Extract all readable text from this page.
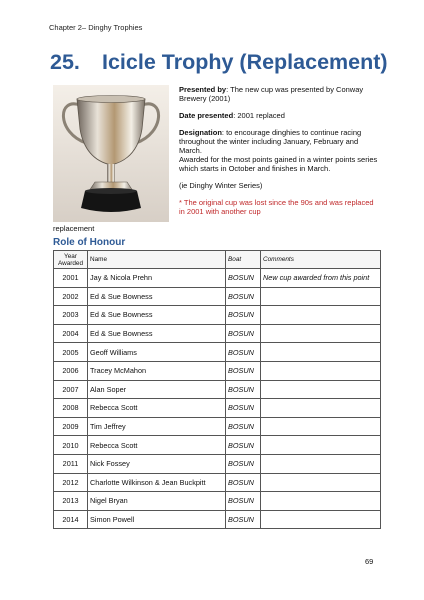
Chapter 2– Dinghy Trophies
25. Icicle Trophy (Replacement)
replacement

Presented by: The new cup was presented by Conway Brewery (2001)

Date presented: 2001 replaced

Designation: to encourage dinghies to continue racing throughout the winter including January, February and March.
Awarded for the most points gained in a winter points series which starts in October and finishes in March.

(ie Dinghy Winter Series)

* The original cup was lost since the 90s and was replaced in 2001 with another cup

Role of Honour
Year
Awarded	Name	Boat	Comments
2001	Jay & Nicola Prehn	BOSUN	New cup awarded from this point
2002	Ed & Sue Bowness	BOSUN	
2003	Ed & Sue Bowness	BOSUN	
2004	Ed & Sue Bowness	BOSUN	
2005	Geoff Williams	BOSUN	
2006	Tracey McMahon	BOSUN	
2007	Alan Soper	BOSUN	
2008	Rebecca Scott	BOSUN	
2009	Tim Jeffrey	BOSUN	
2010	Rebecca Scott	BOSUN	
2011	Nick Fossey	BOSUN	
2012	Charlotte Wilkinson & Jean Buckpitt	BOSUN	
2013	Nigel Bryan	BOSUN	
2014	Simon Powell	BOSUN	
69
